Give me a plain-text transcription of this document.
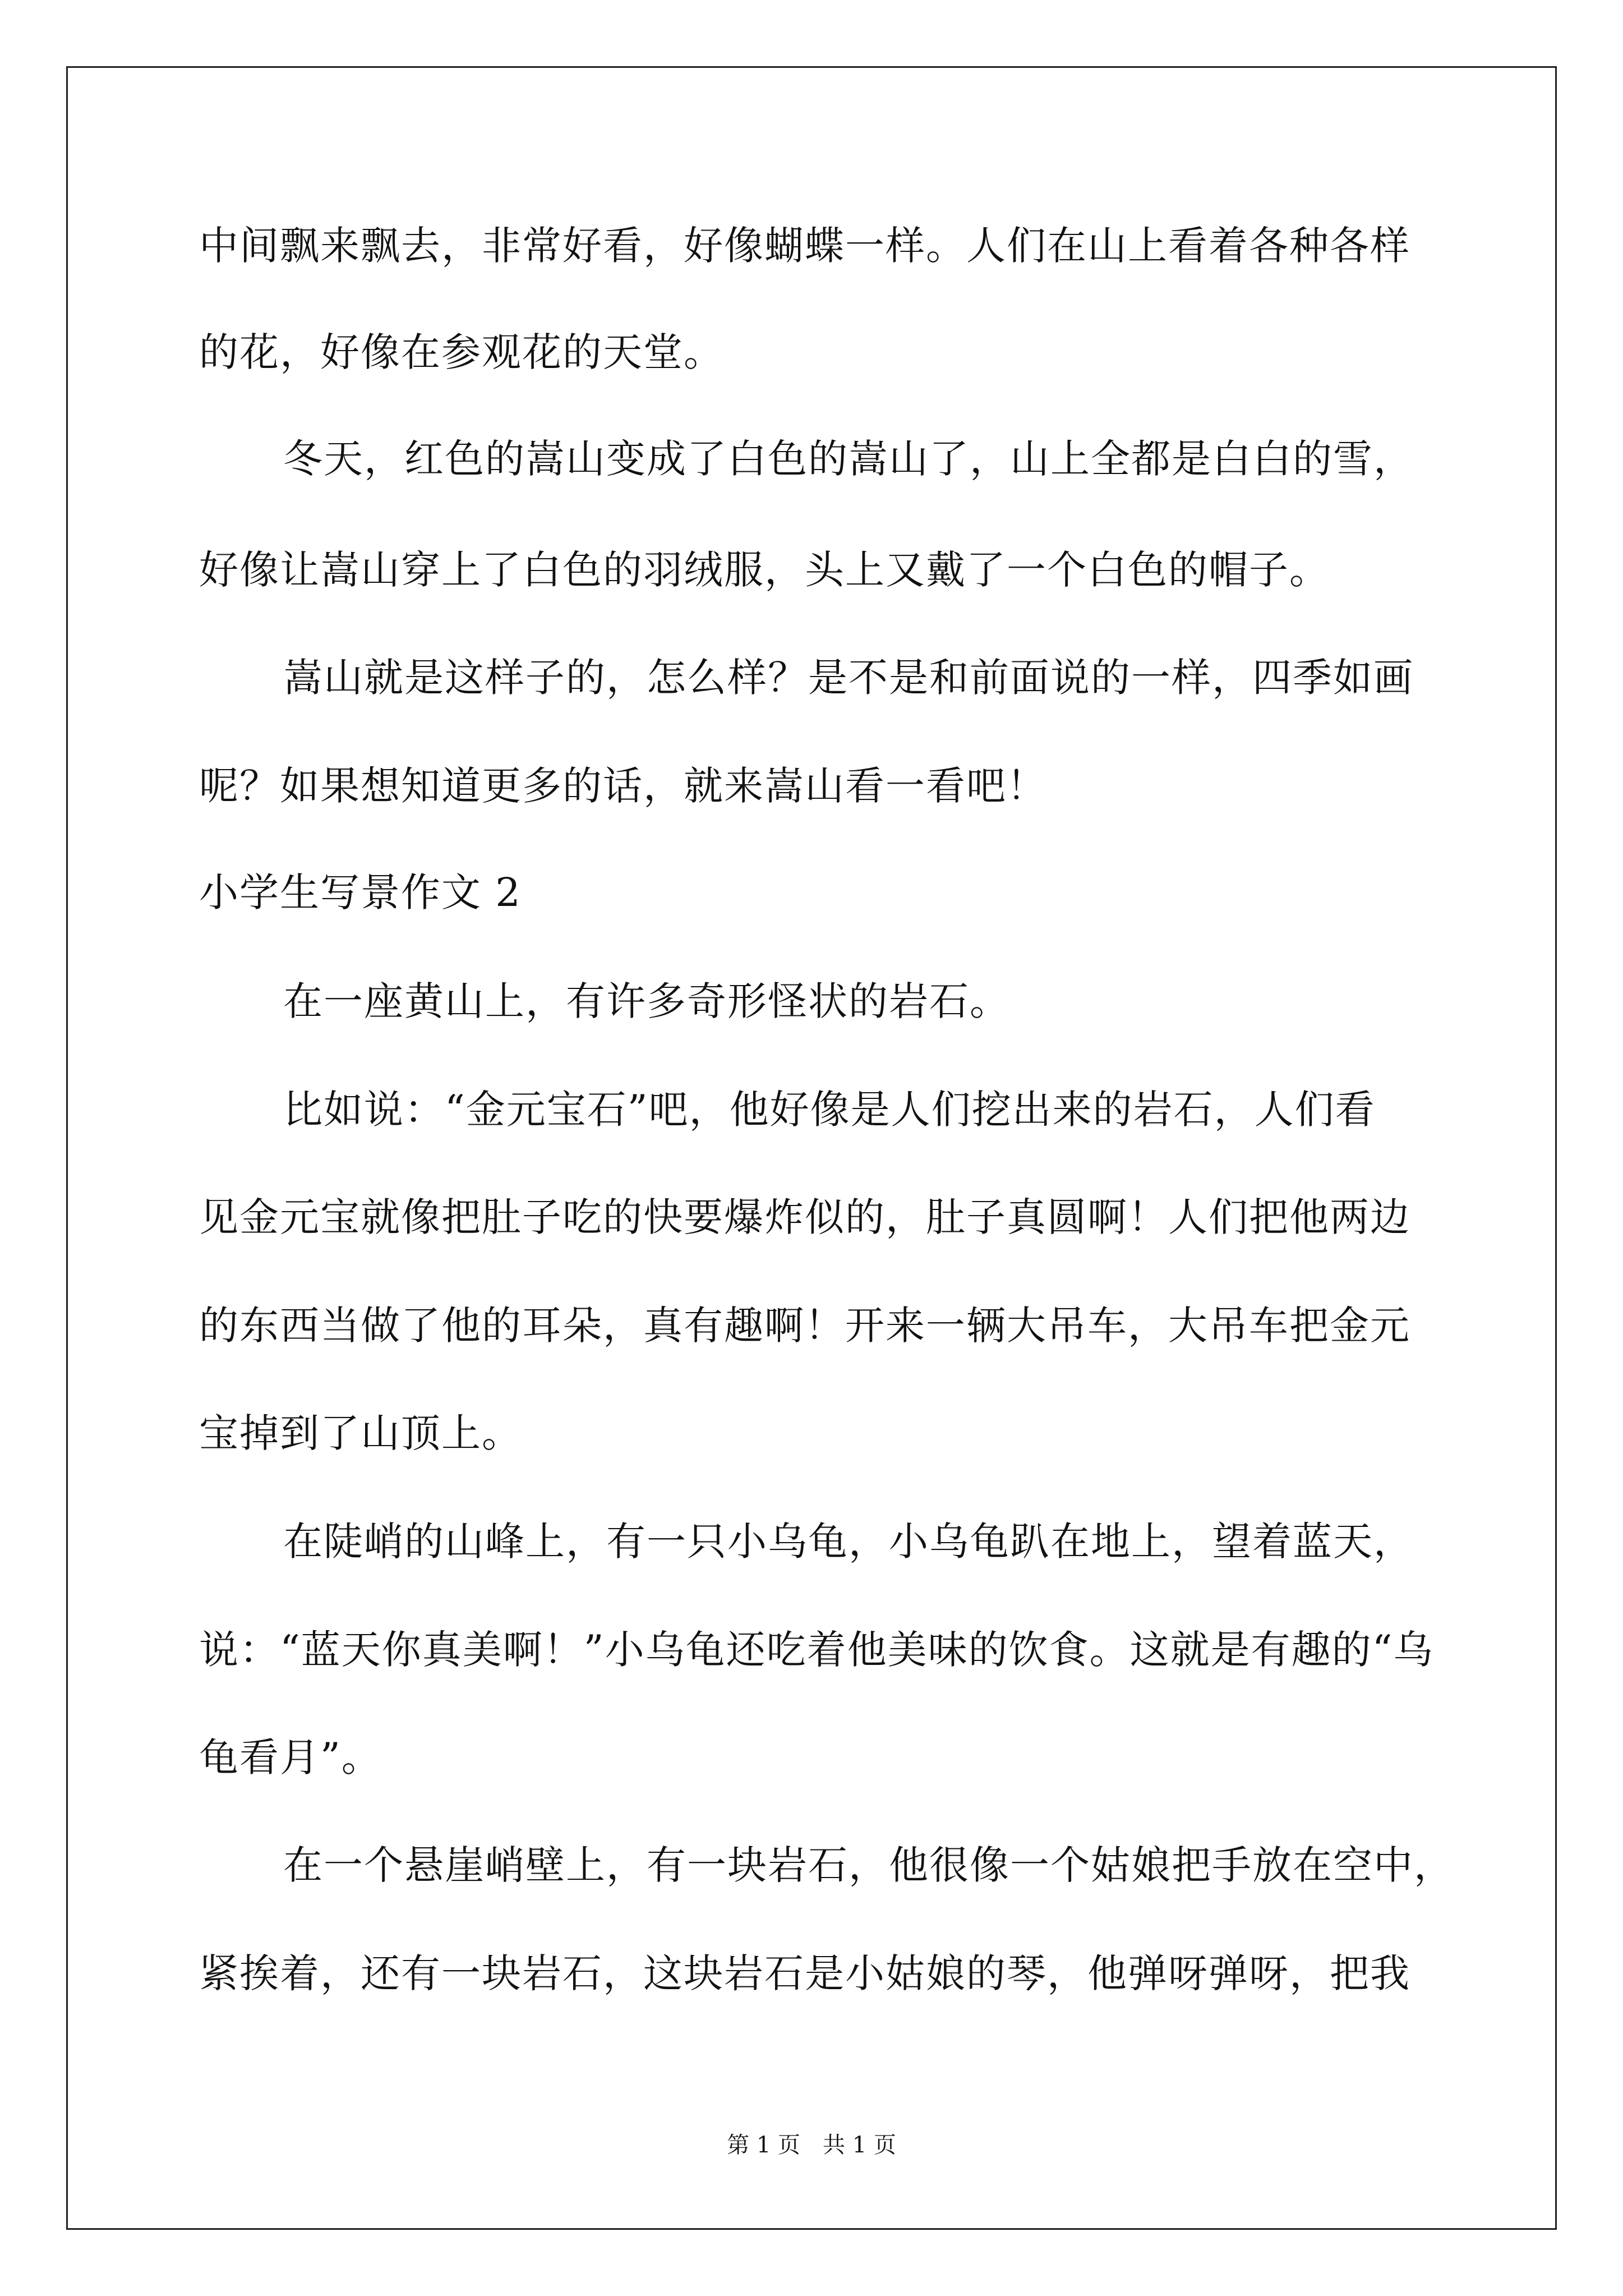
中间飘来飘去，非常好看，好像蝴蝶一样。人们在山上看着各种各样
的花，好像在参观花的天堂。
冬天，红色的嵩山变成了白色的嵩山了，山上全都是白白的雪，
好像让嵩山穿上了白色的羽绒服，头上又戴了一个白色的帽子。
嵩山就是这样子的，怎么样？是不是和前面说的一样，四季如画
呢？如果想知道更多的话，就来嵩山看一看吧！
小学生写景作文 2
在一座黄山上，有许多奇形怪状的岩石。
比如说：“金元宝石”吧，他好像是人们挖出来的岩石，人们看
见金元宝就像把肚子吃的快要爆炸似的，肚子真圆啊！人们把他两边
的东西当做了他的耳朵，真有趣啊！开来一辆大吊车，大吊车把金元
宝掉到了山顶上。
在陡峭的山峰上，有一只小乌龟，小乌龟趴在地上，望着蓝天，
说：“蓝天你真美啊！”小乌龟还吃着他美味的饮食。这就是有趣的“乌
龟看月”。
在一个悬崖峭壁上，有一块岩石，他很像一个姑娘把手放在空中，
紧挨着，还有一块岩石，这块岩石是小姑娘的琴，他弹呀弹呀，把我
第 1 页　共 1 页
